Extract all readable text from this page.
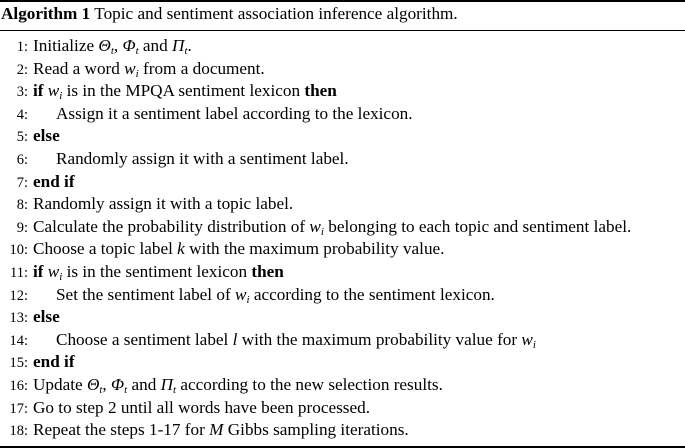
Algorithm 1 Topic and sentiment association inference algorithm.
1: Initialize $\Theta_t$, $\Phi_t$ and $\Pi_t$.
2: Read a word $w_i$ from a document.
3: if $w_i$ is in the MPQA sentiment lexicon then
4: Assign it a sentiment label according to the lexicon.
5: else
6: Randomly assign it with a sentiment label.
7: end if
8: Randomly assign it with a topic label.
9: Calculate the probability distribution of $w_i$ belonging to each topic and sentiment label.
10: Choose a topic label k with the maximum probability value.
11: if $w_i$ is in the sentiment lexicon then
12: Set the sentiment label of $w_i$ according to the sentiment lexicon.
13: else
14: Choose a sentiment label l with the maximum probability value for $w_i$
15: end if
16: Update $\Theta_t$, $\Phi_t$ and $\Pi_t$ according to the new selection results.
17: Go to step 2 until all words have been processed.
18: Repeat the steps 1-17 for M Gibbs sampling iterations.
